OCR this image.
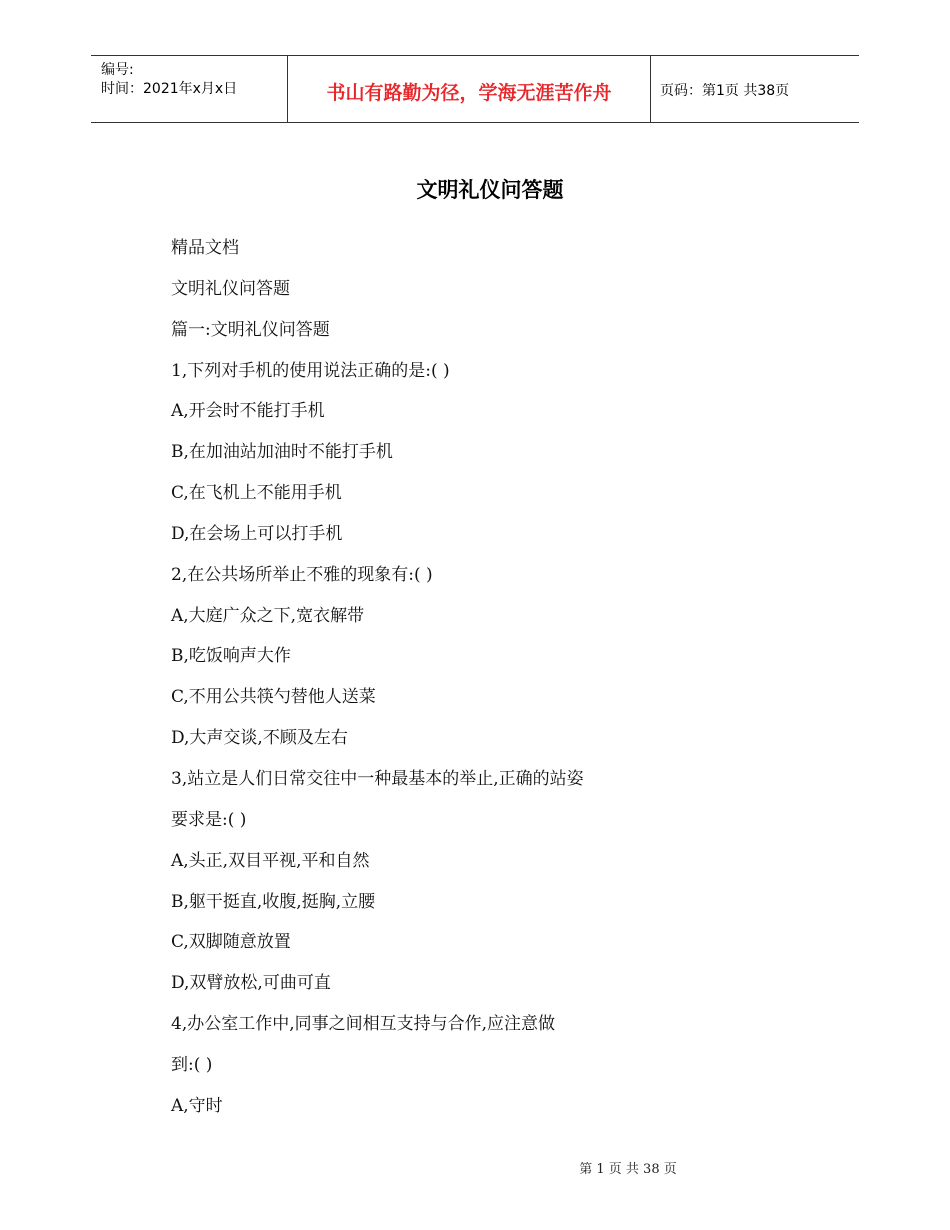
编号:
时间：2021年x月x日	书山有路勤为径，学海无涯苦作舟	页码：第1页 共38页
文明礼仪问答题
精品文档
文明礼仪问答题
篇一:文明礼仪问答题
1,下列对手机的使用说法正确的是:( )
A,开会时不能打手机
B,在加油站加油时不能打手机
C,在飞机上不能用手机
D,在会场上可以打手机
2,在公共场所举止不雅的现象有:( )
A,大庭广众之下,宽衣解带
B,吃饭响声大作
C,不用公共筷勺替他人送菜
D,大声交谈,不顾及左右
3,站立是人们日常交往中一种最基本的举止,正确的站姿
要求是:( )
A,头正,双目平视,平和自然
B,躯干挺直,收腹,挺胸,立腰
C,双脚随意放置
D,双臂放松,可曲可直
4,办公室工作中,同事之间相互支持与合作,应注意做
到:( )
A,守时
第 1 页 共 38 页
